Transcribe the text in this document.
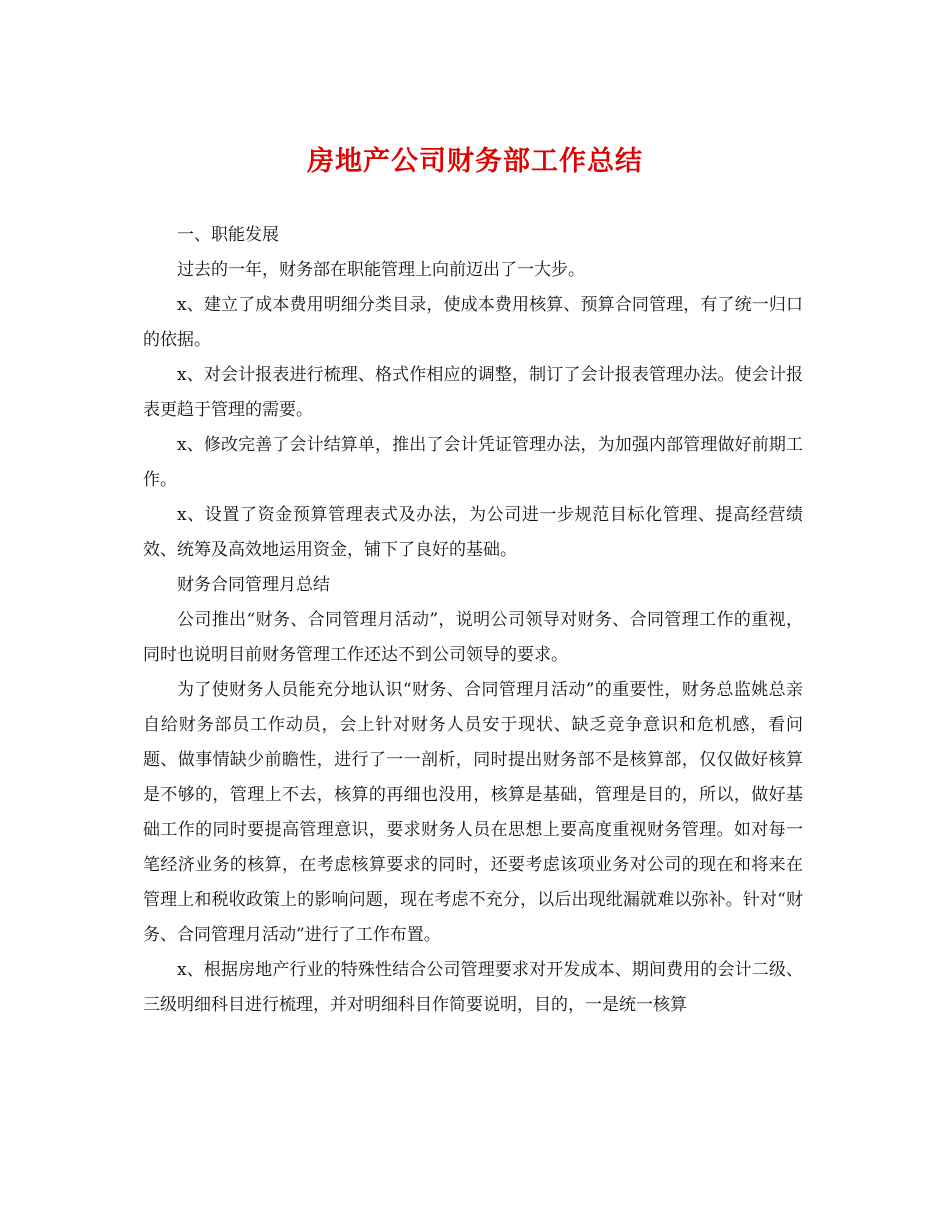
房地产公司财务部工作总结

一、职能发展

过去的一年，财务部在职能管理上向前迈出了一大步。

x、建立了成本费用明细分类目录，使成本费用核算、预算合同管理，有了统一归口的依据。

x、对会计报表进行梳理、格式作相应的调整，制订了会计报表管理办法。使会计报表更趋于管理的需要。

x、修改完善了会计结算单，推出了会计凭证管理办法，为加强内部管理做好前期工作。

x、设置了资金预算管理表式及办法，为公司进一步规范目标化管理、提高经营绩效、统筹及高效地运用资金，铺下了良好的基础。

财务合同管理月总结

公司推出“财务、合同管理月活动”，说明公司领导对财务、合同管理工作的重视，同时也说明目前财务管理工作还达不到公司领导的要求。

为了使财务人员能充分地认识“财务、合同管理月活动”的重要性，财务总监姚总亲自给财务部员工作动员，会上针对财务人员安于现状、缺乏竞争意识和危机感，看问题、做事情缺少前瞻性，进行了一一剖析，同时提出财务部不是核算部，仅仅做好核算是不够的，管理上不去，核算的再细也没用，核算是基础，管理是目的，所以，做好基础工作的同时要提高管理意识，要求财务人员在思想上要高度重视财务管理。如对每一笔经济业务的核算，在考虑核算要求的同时，还要考虑该项业务对公司的现在和将来在管理上和税收政策上的影响问题，现在考虑不充分，以后出现纰漏就难以弥补。针对“财务、合同管理月活动”进行了工作布置。

x、根据房地产行业的特殊性结合公司管理要求对开发成本、期间费用的会计二级、三级明细科目进行梳理，并对明细科目作简要说明，目的，一是统一核算
